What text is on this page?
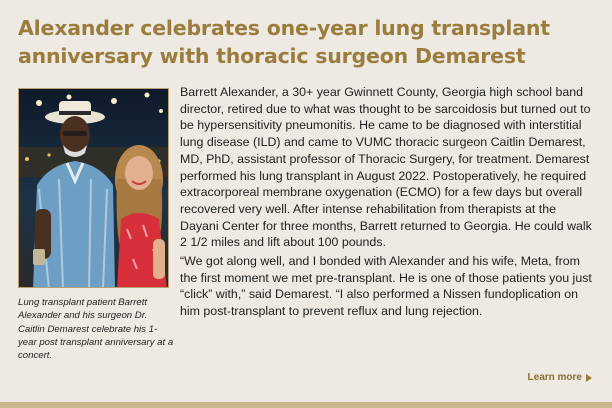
Alexander celebrates one-year lung transplant anniversary with thoracic surgeon Demarest

Lung transplant patient Barrett Alexander and his surgeon Dr. Caitlin Demarest celebrate his 1-year post transplant anniversary at a concert.

Barrett Alexander, a 30+ year Gwinnett County, Georgia high school band director, retired due to what was thought to be sarcoidosis but turned out to be hypersensitivity pneumonitis. He came to be diagnosed with interstitial lung disease (ILD) and came to VUMC thoracic surgeon Caitlin Demarest, MD, PhD, assistant professor of Thoracic Surgery, for treatment. Demarest performed his lung transplant in August 2022. Postoperatively, he required extracorporeal membrane oxygenation (ECMO) for a few days but overall recovered very well. After intense rehabilitation from therapists at the Dayani Center for three months, Barrett returned to Georgia. He could walk 2 1/2 miles and lift about 100 pounds.

“We got along well, and I bonded with Alexander and his wife, Meta, from the first moment we met pre-transplant. He is one of those patients you just “click” with,” said Demarest. “I also performed a Nissen fundoplication on him post-transplant to prevent reflux and lung rejection.

Learn more
